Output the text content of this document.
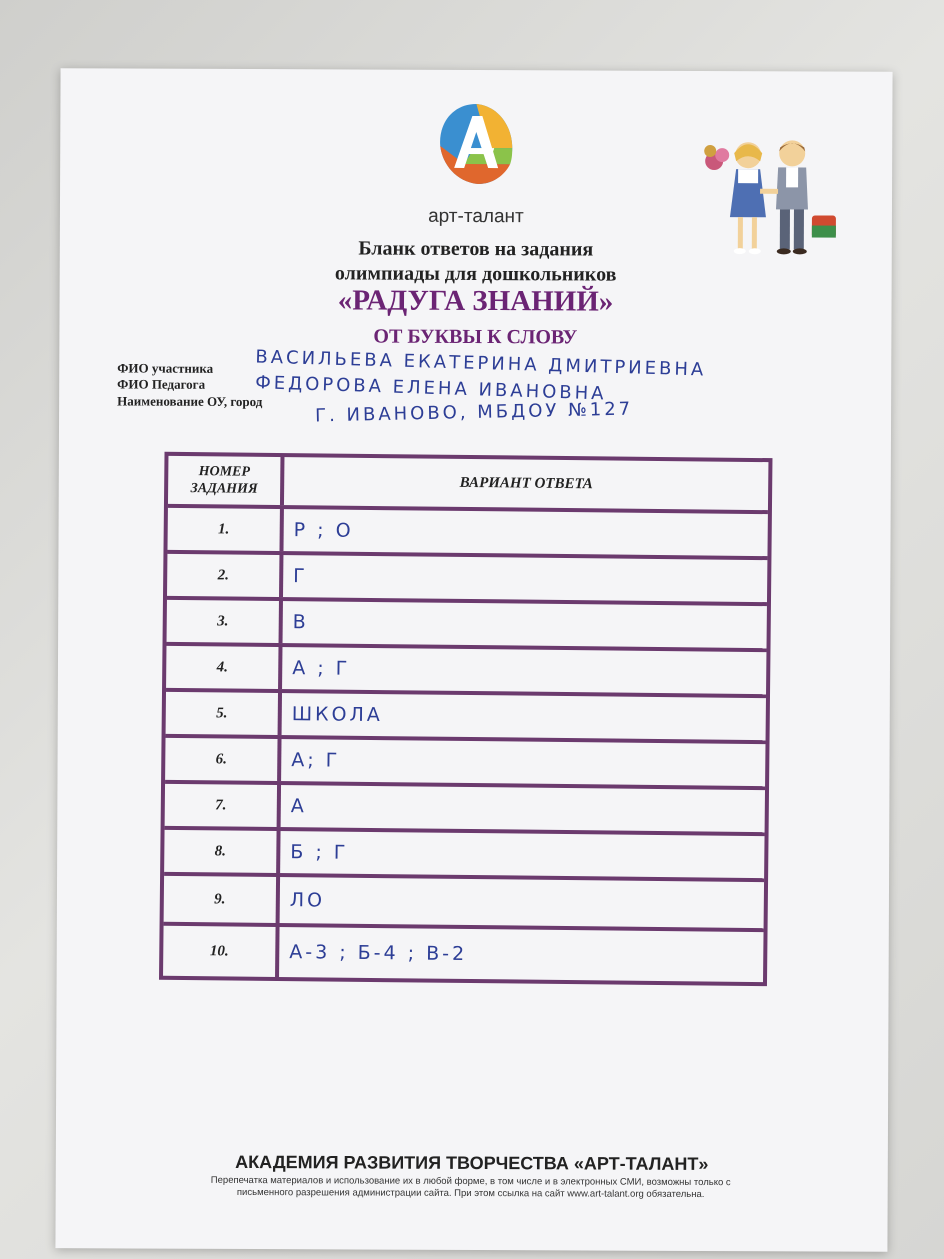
арт-талант
Бланк ответов на задания
олимпиады для дошкольников
«РАДУГА ЗНАНИЙ»
ОТ БУКВЫ К СЛОВУ
ФИО участника ВАСИЛЬЕВА ЕКАТЕРИНА ДМИТРИЕВНА
ФИО Педагога	ФЕДОРОВА ЕЛЕНА ИВАНОВНА
Наименование ОУ, город	Г. ИВАНОВО, МБДОУ №127
НОМЕР
ЗАДАНИЯ	ВАРИАНТ ОТВЕТА
1.	Р ; О
2.	Г
3.	В
4.	А ; Г
5.	ШКОЛА
6.	А; Г
7.	А
8.	Б ; Г
9.	ЛО
10.	А-3 ; Б-4 ; В-2
АКАДЕМИЯ РАЗВИТИЯ ТВОРЧЕСТВА «АРТ-ТАЛАНТ»
Перепечатка материалов и использование их в любой форме, в том числе и в электронных СМИ, возможны только с
письменного разрешения администрации сайта. При этом ссылка на сайт www.art-talant.org обязательна.
